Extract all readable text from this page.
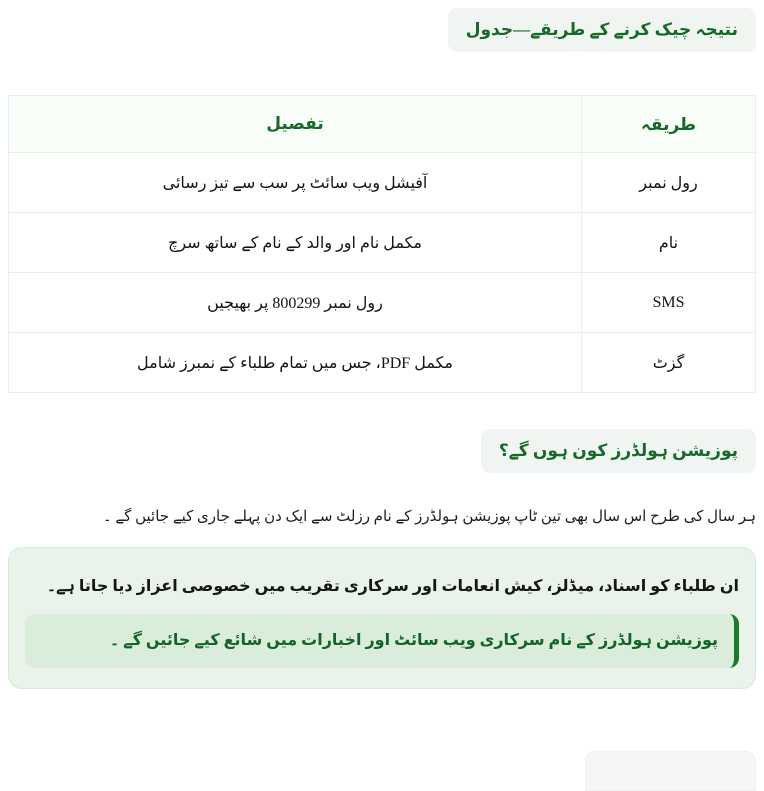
نتیجہ چیک کرنے کے طریقے—جدول
طریقہ	تفصیل
رول نمبر	آفیشل ویب سائٹ پر سب سے تیز رسائی
نام	مکمل نام اور والد کے نام کے ساتھ سرچ
SMS	رول نمبر 800299 پر بھیجیں
گزٹ	مکمل PDF، جس میں تمام طلباء کے نمبرز شامل
پوزیشن ہولڈرز کون ہوں گے؟

ہر سال کی طرح اس سال بھی تین ٹاپ پوزیشن ہولڈرز کے نام رزلٹ سے ایک دن پہلے جاری کیے جائیں گے ۔

ان طلباء کو اسناد، میڈلز، کیش انعامات اور سرکاری تقریب میں خصوصی اعزاز دیا جاتا ہے۔
پوزیشن ہولڈرز کے نام سرکاری ویب سائٹ اور اخبارات میں شائع کیے جائیں گے ۔
